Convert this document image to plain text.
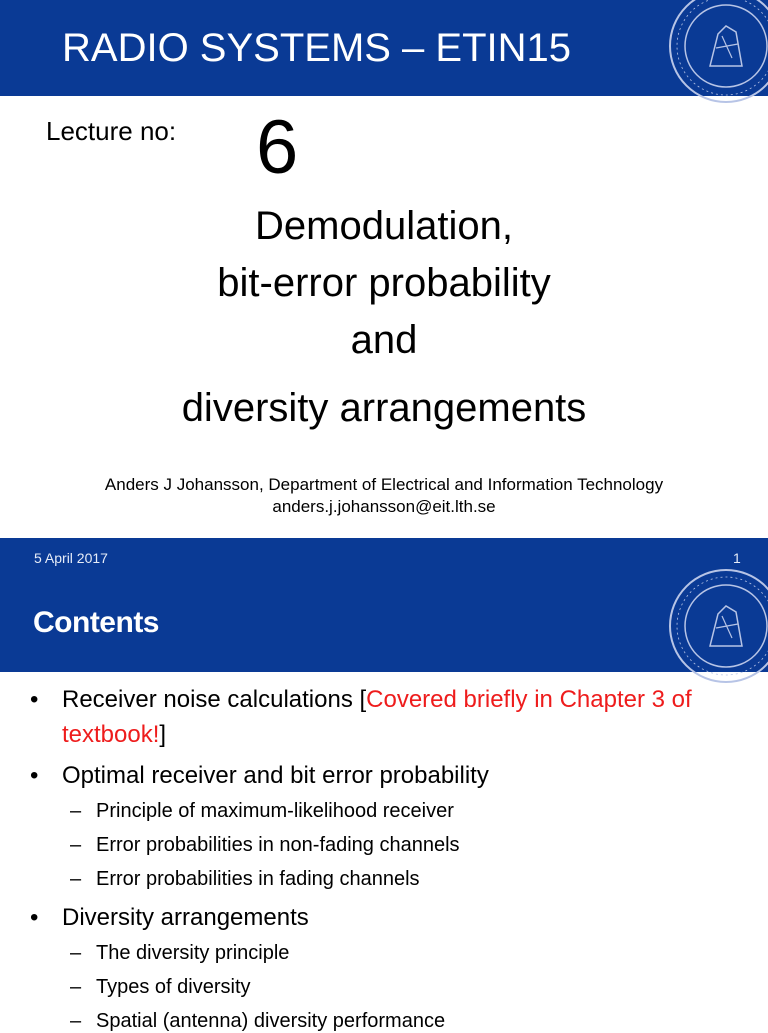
RADIO SYSTEMS – ETIN15
Lecture no: 6
Demodulation,
bit-error probability
and
diversity arrangements
Anders J Johansson, Department of Electrical and Information Technology
anders.j.johansson@eit.lth.se
5 April 2017	1
Contents
• Receiver noise calculations [Covered briefly in Chapter 3 of
textbook!]
• Optimal receiver and bit error probability
– Principle of maximum-likelihood receiver
– Error probabilities in non-fading channels
– Error probabilities in fading channels
• Diversity arrangements
– The diversity principle
– Types of diversity
– Spatial (antenna) diversity performance
